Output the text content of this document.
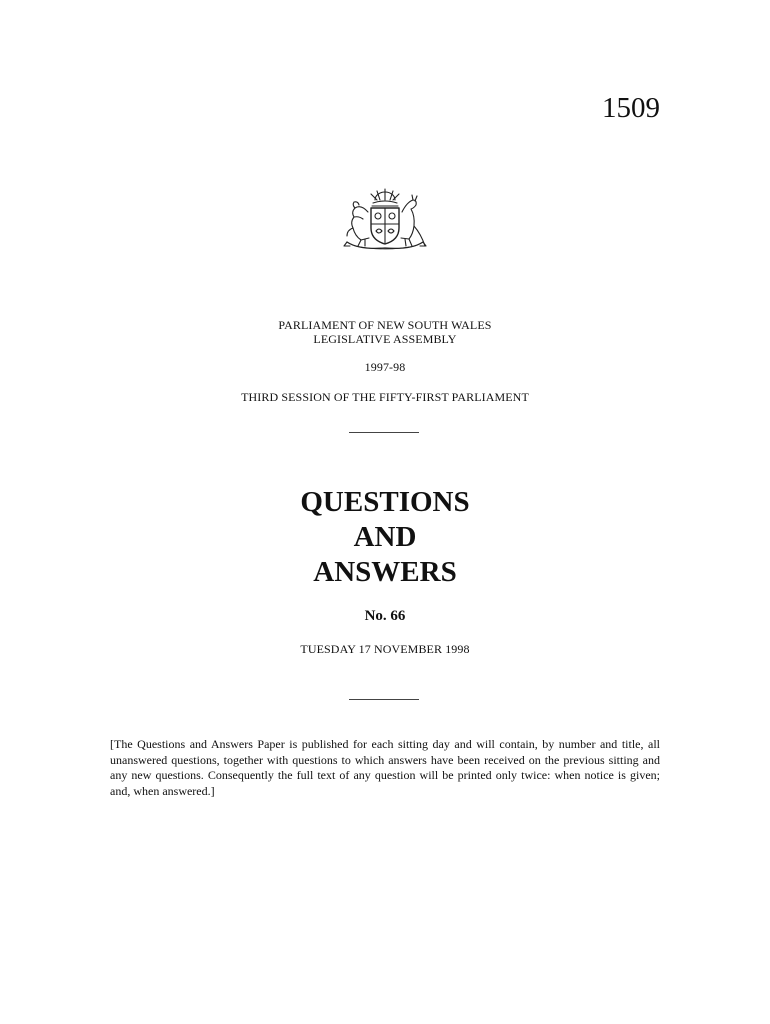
1509
PARLIAMENT OF NEW SOUTH WALES
LEGISLATIVE ASSEMBLY
1997-98
THIRD SESSION OF THE FIFTY-FIRST PARLIAMENT
QUESTIONS
AND
ANSWERS
No. 66
TUESDAY 17 NOVEMBER 1998
[The Questions and Answers Paper is published for each sitting day and will contain, by number and title, all unanswered questions, together with questions to which answers have been received on the previous sitting and any new questions. Consequently the full text of any question will be printed only twice: when notice is given; and, when answered.]
